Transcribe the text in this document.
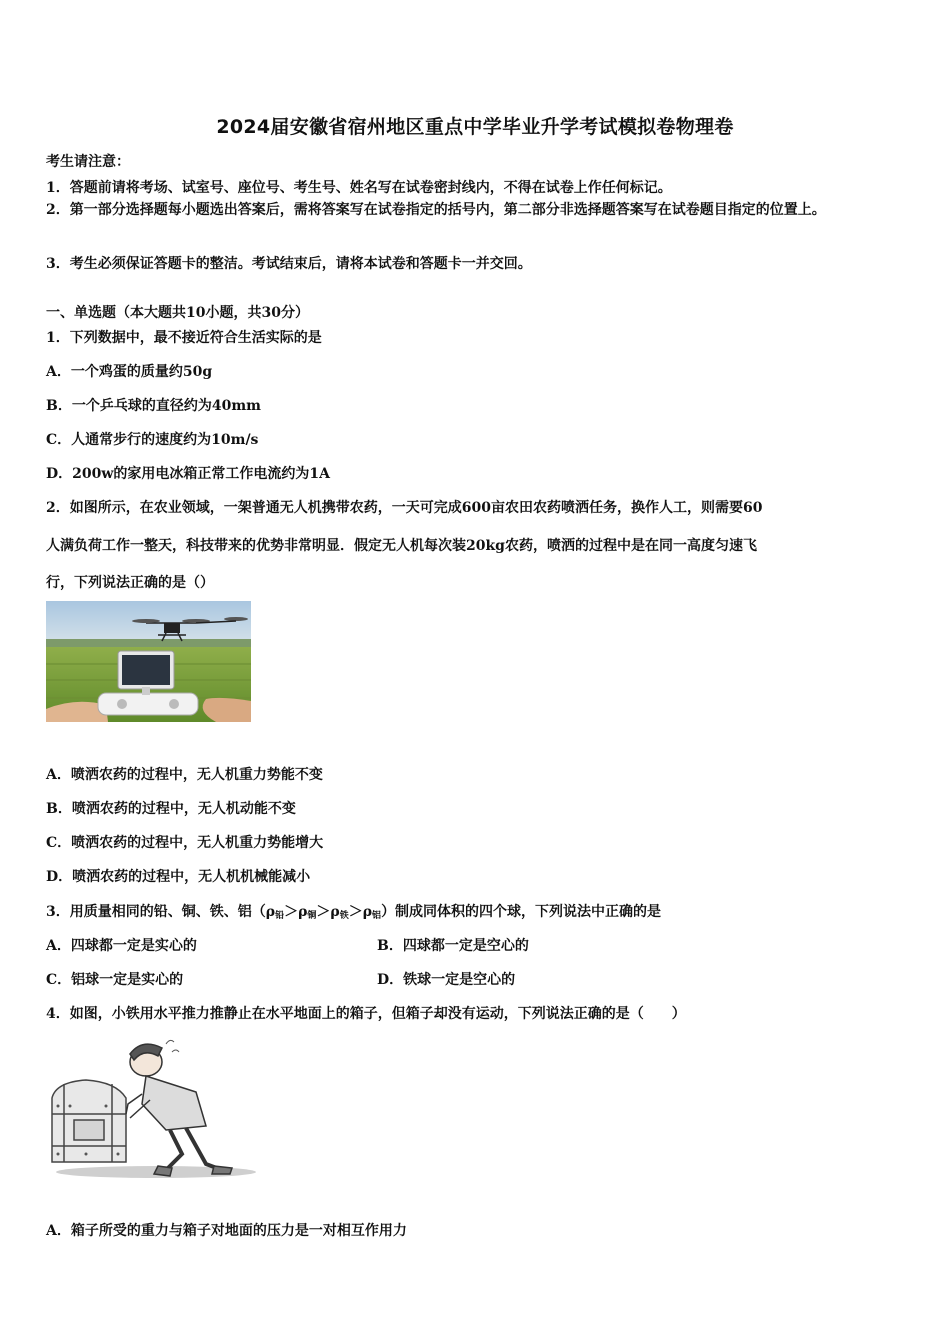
2024届安徽省宿州地区重点中学毕业升学考试模拟卷物理卷
考生请注意：
1．答题前请将考场、试室号、座位号、考生号、姓名写在试卷密封线内，不得在试卷上作任何标记。
2．第一部分选择题每小题选出答案后，需将答案写在试卷指定的括号内，第二部分非选择题答案写在试卷题目指定的位置上。
3．考生必须保证答题卡的整洁。考试结束后，请将本试卷和答题卡一并交回。
一、单选题（本大题共10小题，共30分）
1．下列数据中，最不接近符合生活实际的是
A．一个鸡蛋的质量约50g
B．一个乒乓球的直径约为40mm
C．人通常步行的速度约为10m/s
D．200w的家用电冰箱正常工作电流约为1A
2．如图所示，在农业领域，一架普通无人机携带农药，一天可完成600亩农田农药喷洒任务，换作人工，则需要60
人满负荷工作一整天，科技带来的优势非常明显．假定无人机每次装20kg农药，喷洒的过程中是在同一高度匀速飞
行，下列说法正确的是（）
A．喷洒农药的过程中，无人机重力势能不变
B．喷洒农药的过程中，无人机动能不变
C．喷洒农药的过程中，无人机重力势能增大
D．喷洒农药的过程中，无人机机械能减小
3．用质量相同的铅、铜、铁、铝$(\rho_铅>\rho_铜>\rho_铁>\rho_铝)$制成同体积的四个球，下列说法中正确的是
A．四球都一定是实心的	B．四球都一定是空心的
C．铝球一定是实心的	D．铁球一定是空心的
4．如图，小铁用水平推力推静止在水平地面上的箱子，但箱子却没有运动，下列说法正确的是（　　）
A．箱子所受的重力与箱子对地面的压力是一对相互作用力
